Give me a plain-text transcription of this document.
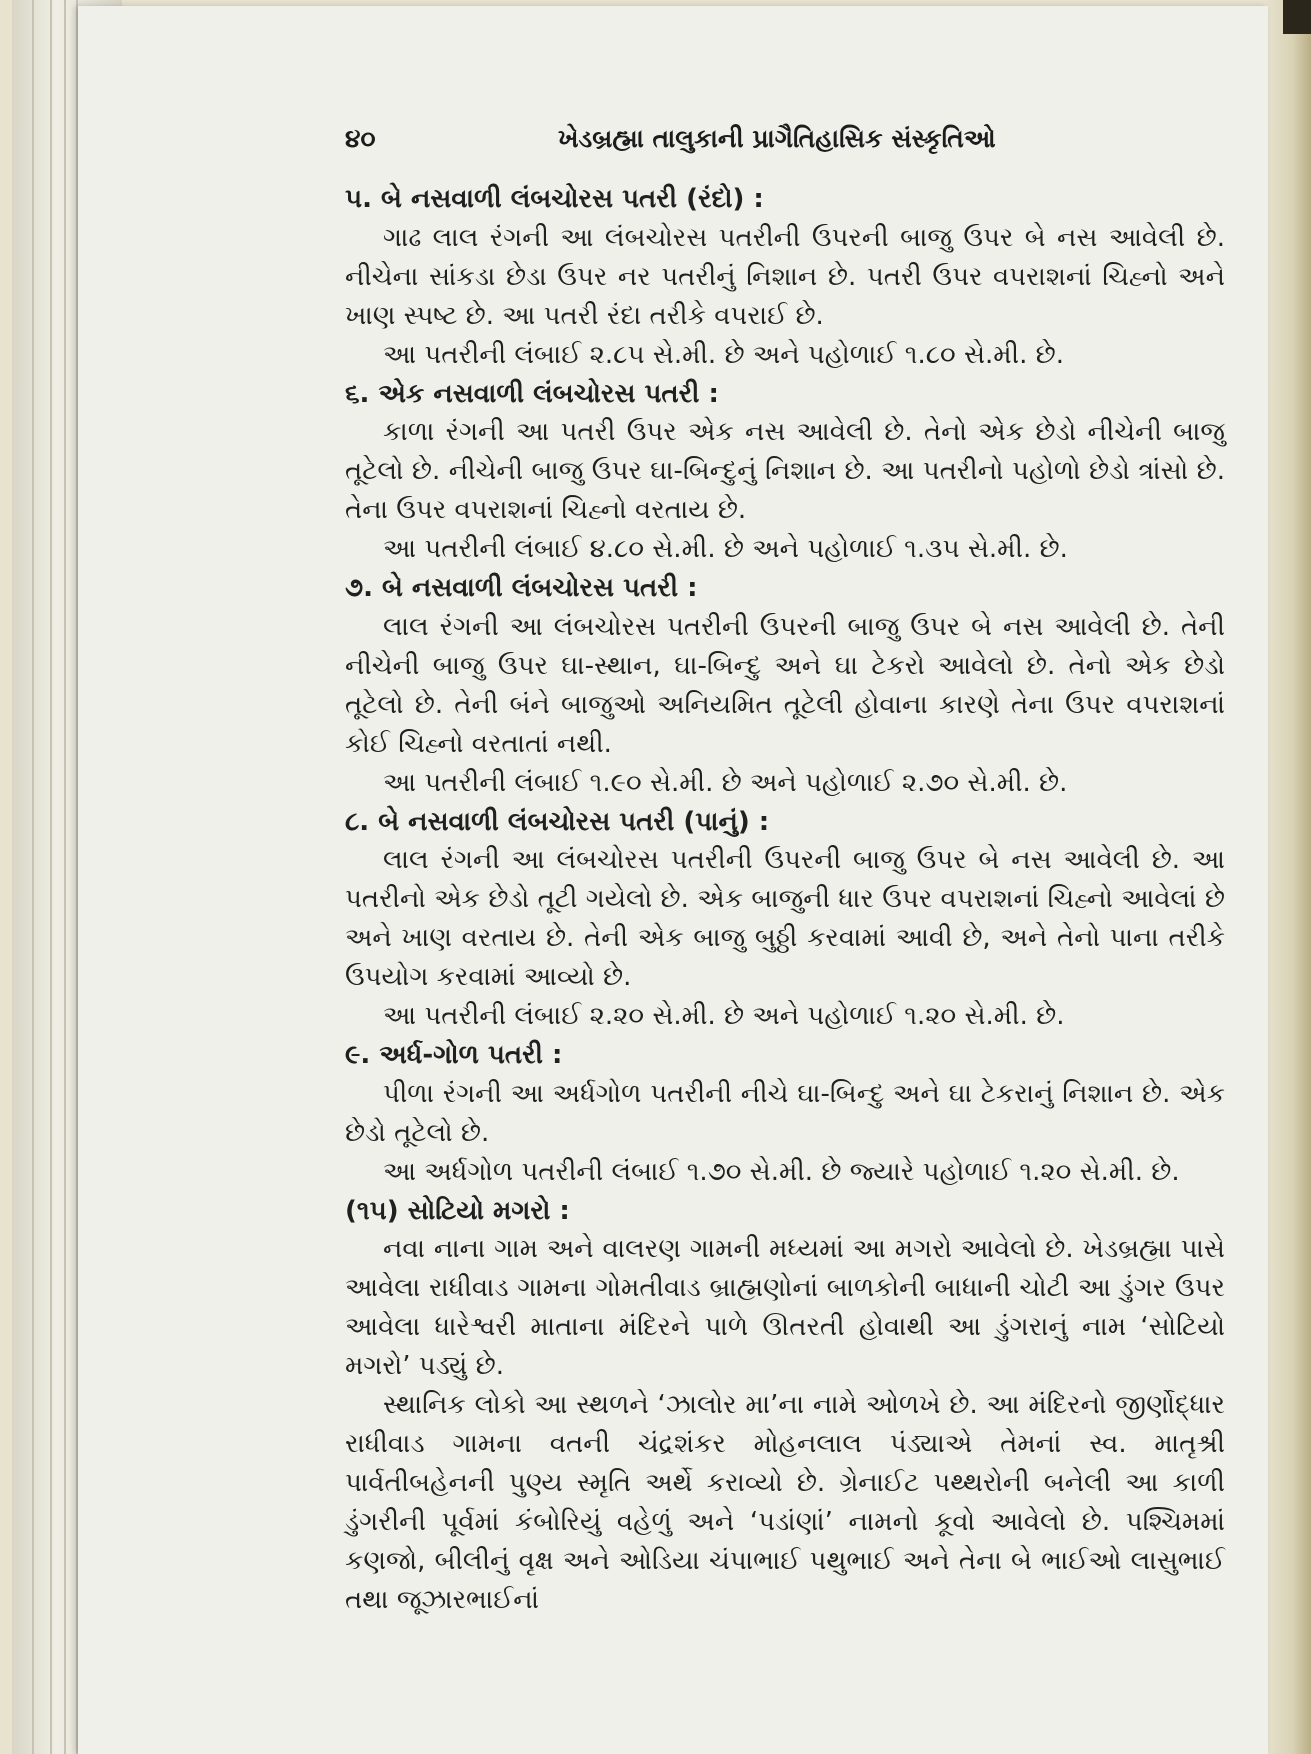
૪૦	ખેડબ્રહ્મા તાલુકાની પ્રાગૈતિહાસિક સંસ્કૃતિઓ

૫. બે નસવાળી લંબચોરસ પતરી (રંદો) :

ગાઢ લાલ રંગની આ લંબચોરસ પતરીની ઉપરની બાજુ ઉપર બે નસ આવેલી છે. નીચેના સાંકડા છેડા ઉપર નર પતરીનું નિશાન છે. પતરી ઉપર વપરાશનાં ચિહ્નો અને ખાણ સ્પષ્ટ છે. આ પતરી રંદા તરીકે વપરાઈ છે.

આ પતરીની લંબાઈ ૨.૮૫ સે.મી. છે અને પહોળાઈ ૧.૮૦ સે.મી. છે.

૬. એક નસવાળી લંબચોરસ પતરી :

કાળા રંગની આ પતરી ઉપર એક નસ આવેલી છે. તેનો એક છેડો નીચેની બાજુ તૂટેલો છે. નીચેની બાજુ ઉપર ઘા-બિન્દુનું નિશાન છે. આ પતરીનો પહોળો છેડો ત્રાંસો છે. તેના ઉપર વપરાશનાં ચિહ્નો વરતાય છે.

આ પતરીની લંબાઈ ૪.૮૦ સે.મી. છે અને પહોળાઈ ૧.૩૫ સે.મી. છે.

૭. બે નસવાળી લંબચોરસ પતરી :

લાલ રંગની આ લંબચોરસ પતરીની ઉપરની બાજુ ઉપર બે નસ આવેલી છે. તેની નીચેની બાજુ ઉપર ઘા-સ્થાન, ઘા-બિન્દુ અને ઘા ટેકરો આવેલો છે. તેનો એક છેડો તૂટેલો છે. તેની બંને બાજુઓ અનિયમિત તૂટેલી હોવાના કારણે તેના ઉપર વપરાશનાં કોઈ ચિહ્નો વરતાતાં નથી.

આ પતરીની લંબાઈ ૧.૯૦ સે.મી. છે અને પહોળાઈ ૨.૭૦ સે.મી. છે.

૮. બે નસવાળી લંબચોરસ પતરી (પાનું) :

લાલ રંગની આ લંબચોરસ પતરીની ઉપરની બાજુ ઉપર બે નસ આવેલી છે. આ પતરીનો એક છેડો તૂટી ગયેલો છે. એક બાજુની ધાર ઉપર વપરાશનાં ચિહ્નો આવેલાં છે અને ખાણ વરતાય છે. તેની એક બાજુ બુઠ્ઠી કરવામાં આવી છે, અને તેનો પાના તરીકે ઉપયોગ કરવામાં આવ્યો છે.

આ પતરીની લંબાઈ ૨.૨૦ સે.મી. છે અને પહોળાઈ ૧.૨૦ સે.મી. છે.

૯. અર્ધ-ગોળ પતરી :

પીળા રંગની આ અર્ધગોળ પતરીની નીચે ઘા-બિન્દુ અને ઘા ટેકરાનું નિશાન છે. એક છેડો તૂટેલો છે.

આ અર્ધગોળ પતરીની લંબાઈ ૧.૭૦ સે.મી. છે જ્યારે પહોળાઈ ૧.૨૦ સે.મી. છે.

(૧૫) સોટિયો મગરો :

નવા નાના ગામ અને વાલરણ ગામની મધ્યમાં આ મગરો આવેલો છે. ખેડબ્રહ્મા પાસે આવેલા રાધીવાડ ગામના ગોમતીવાડ બ્રાહ્મણોનાં બાળકોની બાધાની ચોટી આ ડુંગર ઉપર આવેલા ધારેશ્વરી માતાના મંદિરને પાળે ઊતરતી હોવાથી આ ડુંગરાનું નામ ‘સોટિયો મગરો’ પડ્યું છે.

સ્થાનિક લોકો આ સ્થળને ‘ઝાલોર મા’ના નામે ઓળખે છે. આ મંદિરનો જીર્ણોદ્ધાર રાધીવાડ ગામના વતની ચંદ્રશંકર મોહનલાલ પંડ્યાએ તેમનાં સ્વ. માતૃશ્રી પાર્વતીબહેનની પુણ્ય સ્મૃતિ અર્થે કરાવ્યો છે. ગ્રેનાઈટ પથ્થરોની બનેલી આ કાળી ડુંગરીની પૂર્વમાં કંબોરિયું વહેળું અને ‘પડાંણાં’ નામનો કૂવો આવેલો છે. પશ્ચિમમાં કણજો, બીલીનું વૃક્ષ અને ઓડિયા ચંપાભાઈ પથુભાઈ અને તેના બે ભાઈઓ લાસુભાઈ તથા જૂઝારભાઈનાં
